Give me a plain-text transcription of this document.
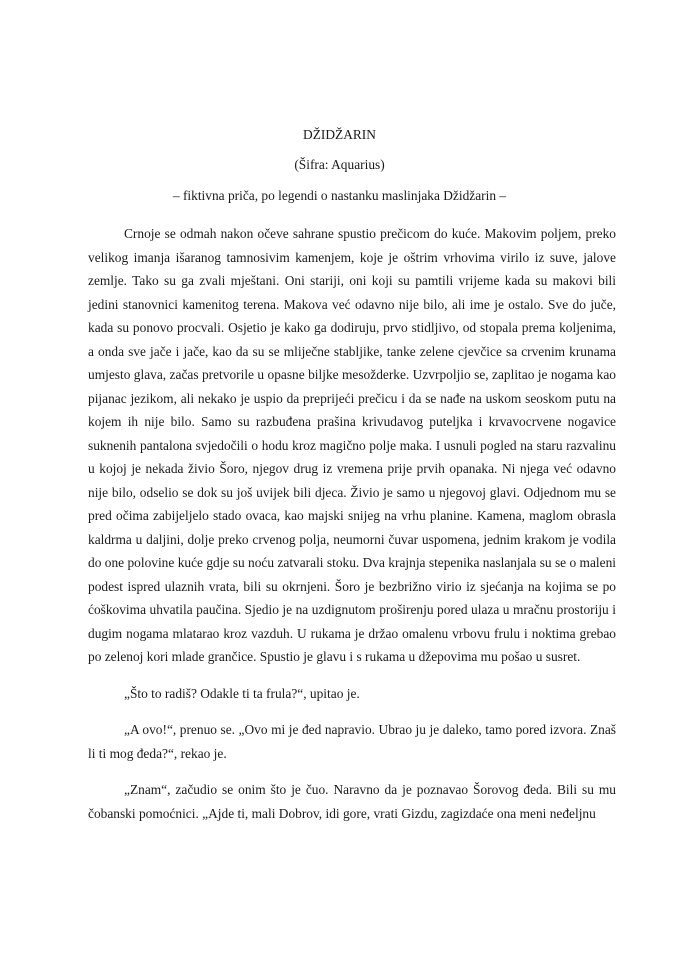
DŽIDŽARIN
(Šifra: Aquarius)
– fiktivna priča, po legendi o nastanku maslinjaka Džidžarin –

Crnoje se odmah nakon očeve sahrane spustio prečicom do kuće. Makovim poljem, preko velikog imanja išaranog tamnosivim kamenjem, koje je oštrim vrhovima virilo iz suve, jalove zemlje. Tako su ga zvali mještani. Oni stariji, oni koji su pamtili vrijeme kada su makovi bili jedini stanovnici kamenitog terena. Makova već odavno nije bilo, ali ime je ostalo. Sve do juče, kada su ponovo procvali. Osjetio je kako ga dodiruju, prvo stidljivo, od stopala prema koljenima, a onda sve jače i jače, kao da su se mliječne stabljike, tanke zelene cjevčice sa crvenim krunama umjesto glava, začas pretvorile u opasne biljke mesožderke. Uzvrpoljio se, zaplitao je nogama kao pijanac jezikom, ali nekako je uspio da preprijeći prečicu i da se nađe na uskom seoskom putu na kojem ih nije bilo. Samo su razbuđena prašina krivudavog puteljka i krvavocrvene nogavice suknenih pantalona svjedočili o hodu kroz magično polje maka. I usnuli pogled na staru razvalinu u kojoj je nekada živio Šoro, njegov drug iz vremena prije prvih opanaka. Ni njega već odavno nije bilo, odselio se dok su još uvijek bili djeca. Živio je samo u njegovoj glavi. Odjednom mu se pred očima zabijeljelo stado ovaca, kao majski snijeg na vrhu planine. Kamena, maglom obrasla kaldrma u daljini, dolje preko crvenog polja, neumorni čuvar uspomena, jednim krakom je vodila do one polovine kuće gdje su noću zatvarali stoku. Dva krajnja stepenika naslanjala su se o maleni podest ispred ulaznih vrata, bili su okrnjeni. Šoro je bezbrižno virio iz sjećanja na kojima se po ćoškovima uhvatila paučina. Sjedio je na uzdignutom proširenju pored ulaza u mračnu prostoriju i dugim nogama mlatarao kroz vazduh. U rukama je držao omalenu vrbovu frulu i noktima grebao po zelenoj kori mlade grančice. Spustio je glavu i s rukama u džepovima mu pošao u susret.

„Što to radiš? Odakle ti ta frula?“, upitao je.

„A ovo!“, prenuo se. „Ovo mi je đed napravio. Ubrao ju je daleko, tamo pored izvora. Znaš li ti mog đeda?“, rekao je.

„Znam“, začudio se onim što je čuo. Naravno da je poznavao Šorovog đeda. Bili su mu čobanski pomoćnici. „Ajde ti, mali Dobrov, idi gore, vrati Gizdu, zagizdaće ona meni neđeljnu
